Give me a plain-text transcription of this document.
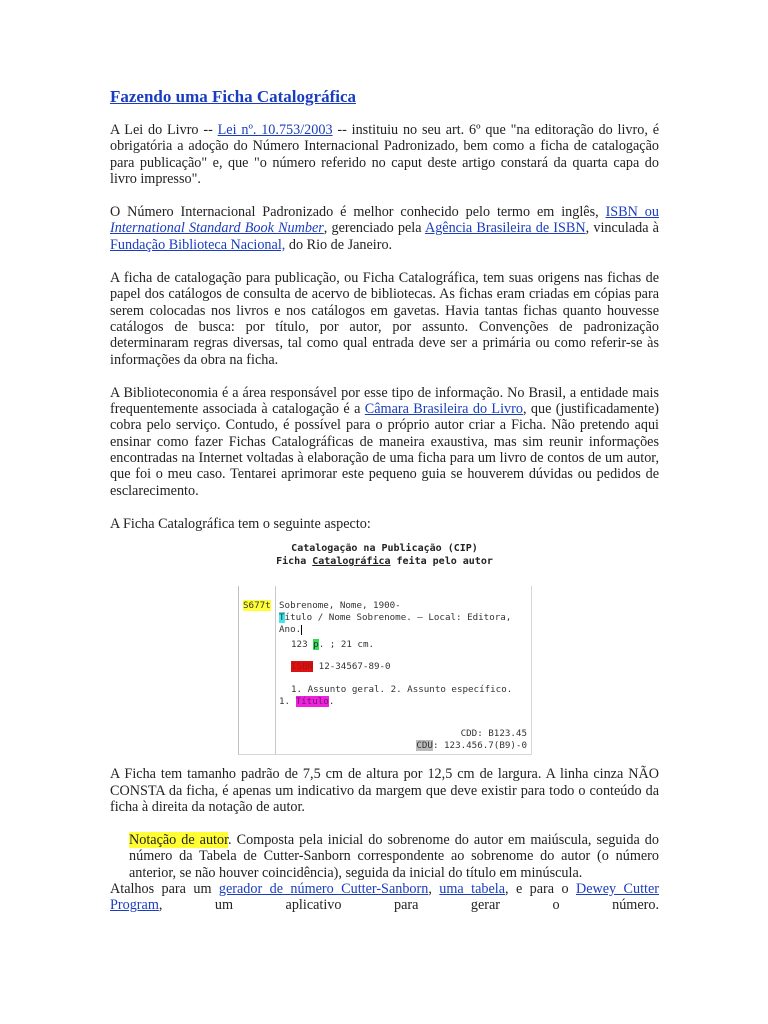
Fazendo uma Ficha Catalográfica

A Lei do Livro -- Lei nº. 10.753/2003 -- instituiu no seu art. 6º que "na editoração do livro, é obrigatória a adoção do Número Internacional Padronizado, bem como a ficha de catalogação para publicação" e, que "o número referido no caput deste artigo constará da quarta capa do livro impresso".

O Número Internacional Padronizado é melhor conhecido pelo termo em inglês, ISBN ou International Standard Book Number, gerenciado pela Agência Brasileira de ISBN, vinculada à Fundação Biblioteca Nacional, do Rio de Janeiro.

A ficha de catalogação para publicação, ou Ficha Catalográfica, tem suas origens nas fichas de papel dos catálogos de consulta de acervo de bibliotecas. As fichas eram criadas em cópias para serem colocadas nos livros e nos catálogos em gavetas. Havia tantas fichas quanto houvesse catálogos de busca: por título, por autor, por assunto. Convenções de padronização determinaram regras diversas, tal como qual entrada deve ser a primária ou como referir-se às informações da obra na ficha.

A Biblioteconomia é a área responsável por esse tipo de informação. No Brasil, a entidade mais frequentemente associada à catalogação é a Câmara Brasileira do Livro, que (justificadamente) cobra pelo serviço. Contudo, é possível para o próprio autor criar a Ficha. Não pretendo aqui ensinar como fazer Fichas Catalográficas de maneira exaustiva, mas sim reunir informações encontradas na Internet voltadas à elaboração de uma ficha para um livro de contos de um autor, que foi o meu caso. Tentarei aprimorar este pequeno guia se houverem dúvidas ou pedidos de esclarecimento.

A Ficha Catalográfica tem o seguinte aspecto:

Catalogação na Publicação (CIP)
Ficha Catalográfica feita pelo autor
S677t Sobrenome, Nome, 1900-
Título / Nome Sobrenome. – Local: Editora,
Ano.
123 p. ; 21 cm.
ISBN 12-34567-89-0
1. Assunto geral. 2. Assunto específico.
1. Título.
CDD: B123.45
CDU: 123.456.7(B9)-0

A Ficha tem tamanho padrão de 7,5 cm de altura por 12,5 cm de largura. A linha cinza NÃO CONSTA da ficha, é apenas um indicativo da margem que deve existir para todo o conteúdo da ficha à direita da notação de autor.

Notação de autor. Composta pela inicial do sobrenome do autor em maiúscula, seguida do número da Tabela de Cutter-Sanborn correspondente ao sobrenome do autor (o número anterior, se não houver coincidência), seguida da inicial do título em minúscula.

Atalhos para um gerador de número Cutter-Sanborn, uma tabela, e para o Dewey Cutter Program, um aplicativo para gerar o número.
